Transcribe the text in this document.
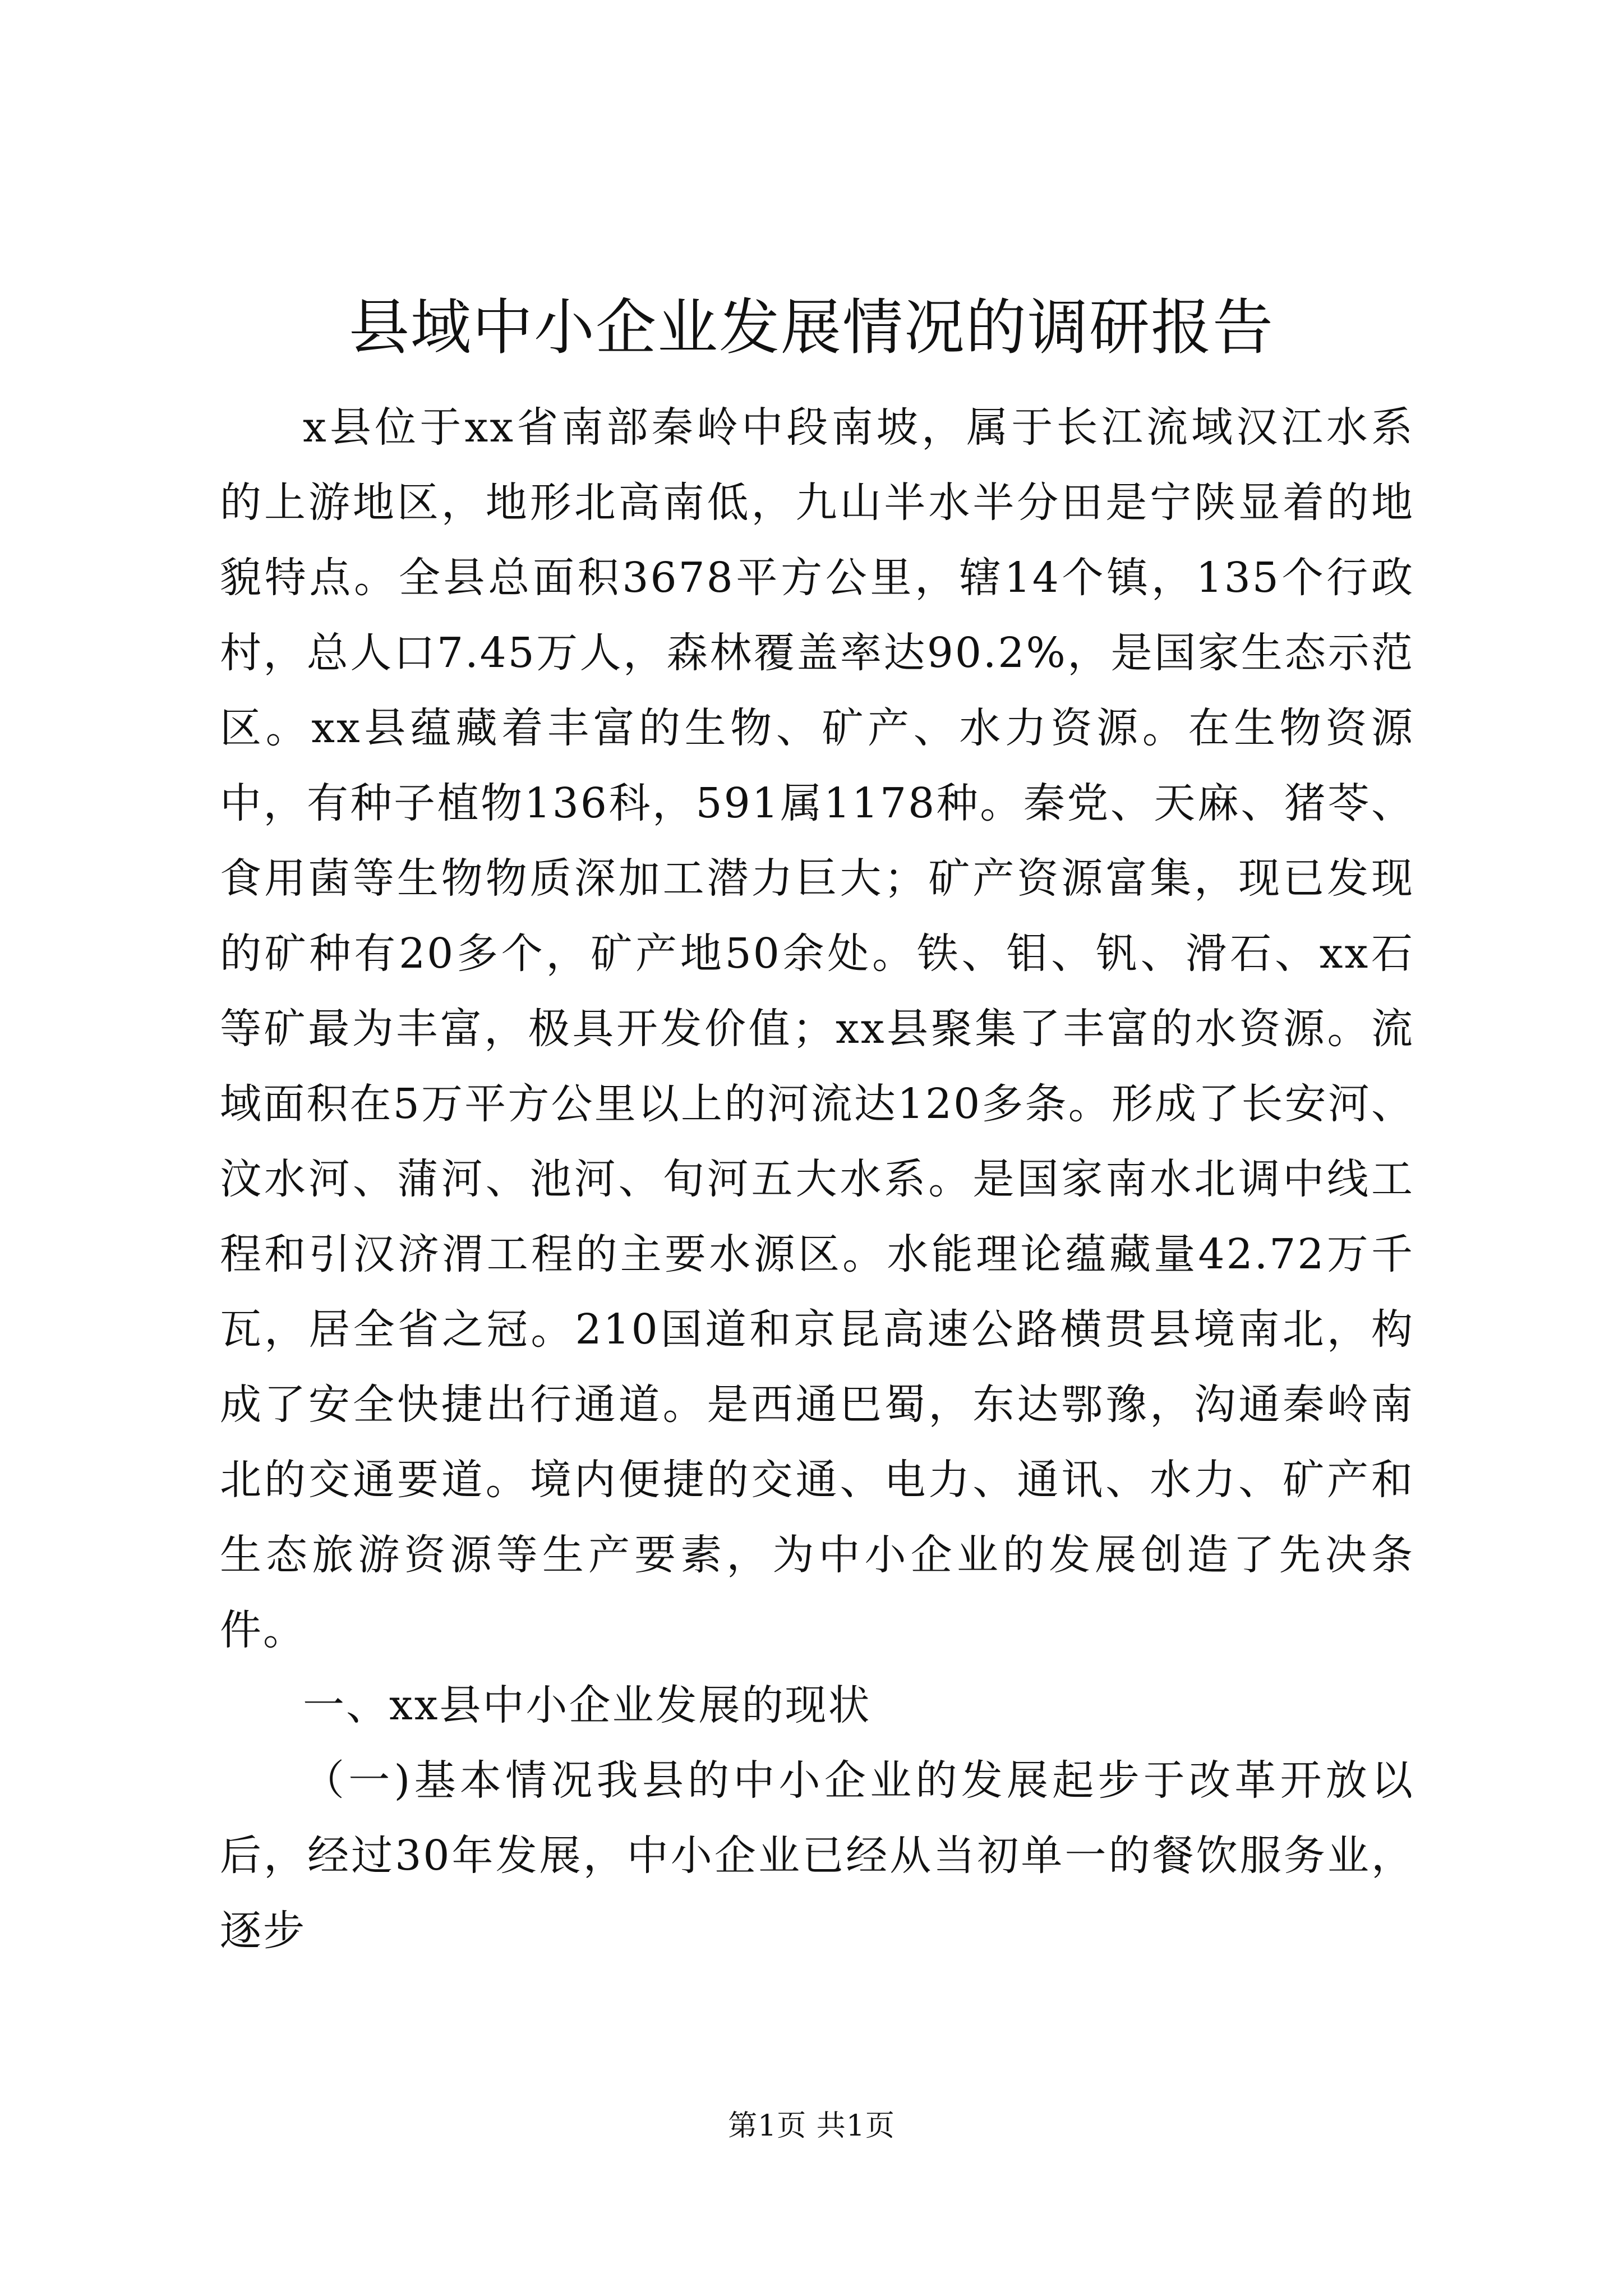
县域中小企业发展情况的调研报告

x县位于xx省南部秦岭中段南坡，属于长江流域汉江水系的上游地区，地形北高南低，九山半水半分田是宁陕显着的地貌特点。全县总面积3678平方公里，辖14个镇，135个行政村，总人口7.45万人，森林覆盖率达90.2%，是国家生态示范区。xx县蕴藏着丰富的生物、矿产、水力资源。在生物资源中，有种子植物136科，591属1178种。秦党、天麻、猪苓、食用菌等生物物质深加工潜力巨大；矿产资源富集，现已发现的矿种有20多个，矿产地50余处。铁、钼、钒、滑石、xx石等矿最为丰富，极具开发价值；xx县聚集了丰富的水资源。流域面积在5万平方公里以上的河流达120多条。形成了长安河、汶水河、蒲河、池河、旬河五大水系。是国家南水北调中线工程和引汉济渭工程的主要水源区。水能理论蕴藏量42.72万千瓦，居全省之冠。210国道和京昆高速公路横贯县境南北，构成了安全快捷出行通道。是西通巴蜀，东达鄂豫，沟通秦岭南北的交通要道。境内便捷的交通、电力、通讯、水力、矿产和生态旅游资源等生产要素，为中小企业的发展创造了先决条件。

一、xx县中小企业发展的现状

（一)基本情况我县的中小企业的发展起步于改革开放以后，经过30年发展，中小企业已经从当初单一的餐饮服务业，逐步

第1页 共1页
